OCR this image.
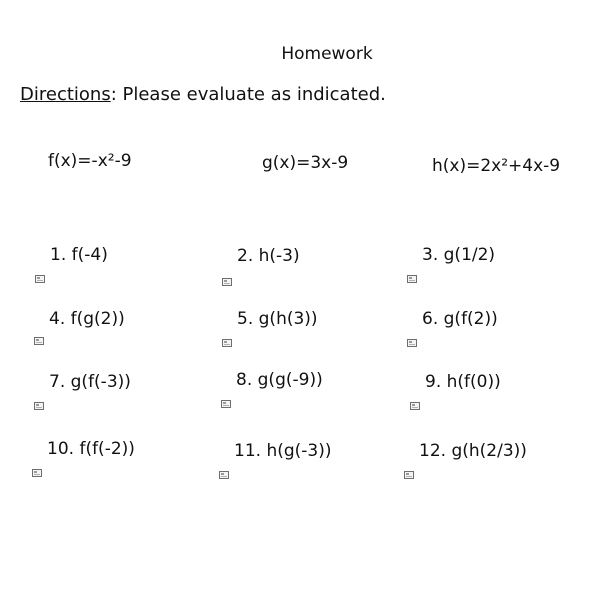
Homework
Directions: Please evaluate as indicated.
f(x)=-x²-9	g(x)=3x-9	h(x)=2x²+4x-9
1. f(-4)	2. h(-3)	3. g(1/2)
4. f(g(2))	5. g(h(3))	6. g(f(2))
7. g(f(-3))	8. g(g(-9))	9. h(f(0))
10. f(f(-2))	11. h(g(-3))	12. g(h(2/3))
